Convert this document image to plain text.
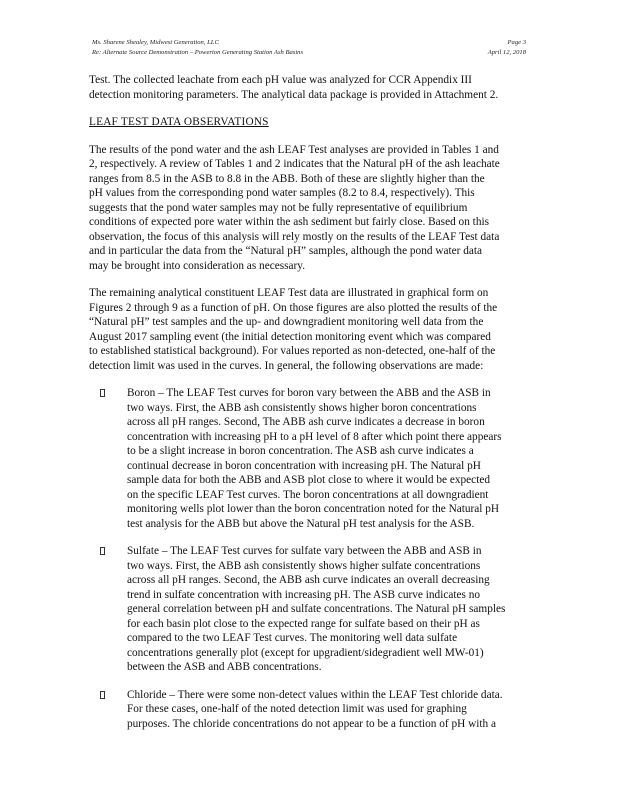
Ms. Sharene Shealey, Midwest Generation, LLC	Page 3
Re: Alternate Source Demonstration – Powerton Generating Station Ash Basins	April 12, 2018
Test. The collected leachate from each pH value was analyzed for CCR Appendix III
detection monitoring parameters. The analytical data package is provided in Attachment 2.
LEAF TEST DATA OBSERVATIONS
The results of the pond water and the ash LEAF Test analyses are provided in Tables 1 and
2, respectively. A review of Tables 1 and 2 indicates that the Natural pH of the ash leachate
ranges from 8.5 in the ASB to 8.8 in the ABB. Both of these are slightly higher than the
pH values from the corresponding pond water samples (8.2 to 8.4, respectively). This
suggests that the pond water samples may not be fully representative of equilibrium
conditions of expected pore water within the ash sediment but fairly close. Based on this
observation, the focus of this analysis will rely mostly on the results of the LEAF Test data
and in particular the data from the “Natural pH” samples, although the pond water data
may be brought into consideration as necessary.
The remaining analytical constituent LEAF Test data are illustrated in graphical form on
Figures 2 through 9 as a function of pH. On those figures are also plotted the results of the
“Natural pH” test samples and the up- and downgradient monitoring well data from the
August 2017 sampling event (the initial detection monitoring event which was compared
to established statistical background). For values reported as non-detected, one-half of the
detection limit was used in the curves. In general, the following observations are made:
Boron – The LEAF Test curves for boron vary between the ABB and the ASB in
two ways. First, the ABB ash consistently shows higher boron concentrations
across all pH ranges. Second, The ABB ash curve indicates a decrease in boron
concentration with increasing pH to a pH level of 8 after which point there appears
to be a slight increase in boron concentration. The ASB ash curve indicates a
continual decrease in boron concentration with increasing pH. The Natural pH
sample data for both the ABB and ASB plot close to where it would be expected
on the specific LEAF Test curves. The boron concentrations at all downgradient
monitoring wells plot lower than the boron concentration noted for the Natural pH
test analysis for the ABB but above the Natural pH test analysis for the ASB.
Sulfate – The LEAF Test curves for sulfate vary between the ABB and ASB in
two ways. First, the ABB ash consistently shows higher sulfate concentrations
across all pH ranges. Second, the ABB ash curve indicates an overall decreasing
trend in sulfate concentration with increasing pH. The ASB curve indicates no
general correlation between pH and sulfate concentrations. The Natural pH samples
for each basin plot close to the expected range for sulfate based on their pH as
compared to the two LEAF Test curves. The monitoring well data sulfate
concentrations generally plot (except for upgradient/sidegradient well MW-01)
between the ASB and ABB concentrations.
Chloride – There were some non-detect values within the LEAF Test chloride data.
For these cases, one-half of the noted detection limit was used for graphing
purposes. The chloride concentrations do not appear to be a function of pH with a
